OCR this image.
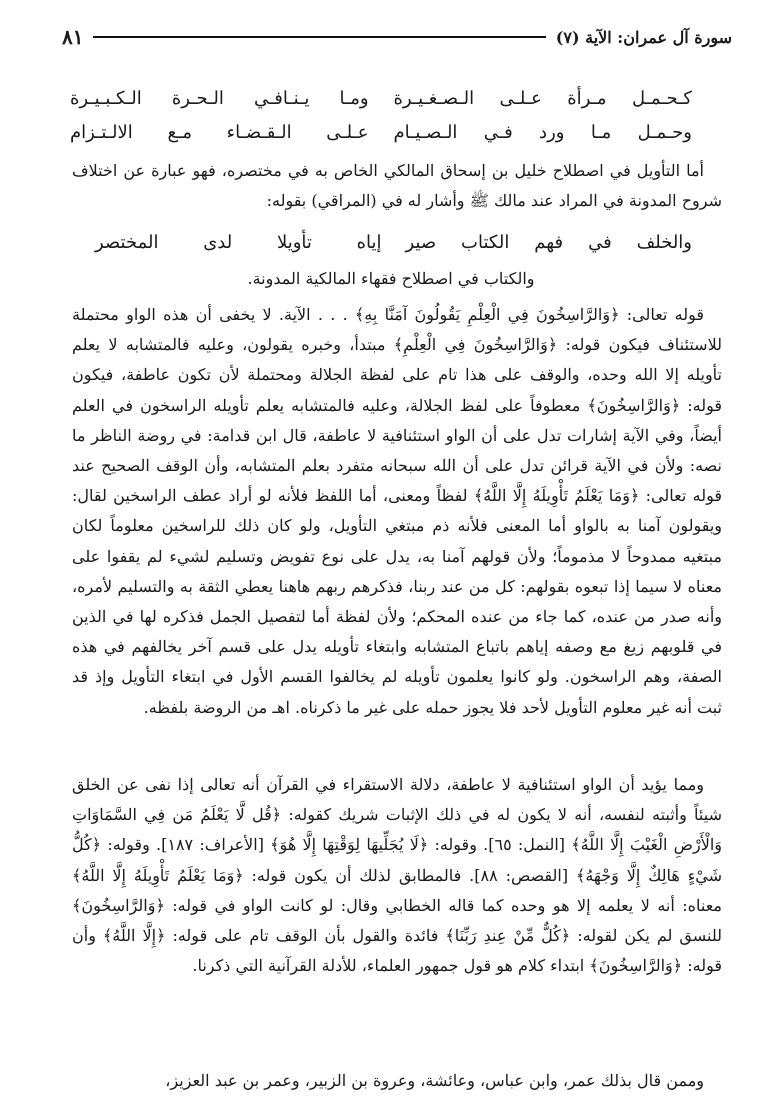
سورة آل عمران: الآية (٧)
٨١
كـحـمـل مـرأة عـلـى الـصـغـيـرة
ومـا يـنـافـي الـحـرة الـكـبـيـرة
وحـمـل مـا ورد فـي الـصـيـام
عـلـى الـقـضـاء مـع الالـتـزام

أما التأويل في اصطلاح خليل بن إسحاق المالكي الخاص به في مختصره، فهو عبارة عن اختلاف شروح المدونة في المراد عند مالك ﷺ وأشار له في (المراقي) بقوله:

والخلف في فهم الكتاب صير
إياه تأويلا لدى المختصر
والكتاب في اصطلاح فقهاء المالكية المدونة.

قوله تعالى: ﴿وَالرَّاسِخُونَ فِي الْعِلْمِ يَقُولُونَ آمَنَّا بِهِ﴾ . . . الآية. لا يخفى أن هذه الواو محتملة للاستئناف فيكون قوله: ﴿وَالرَّاسِخُونَ فِي الْعِلْمِ﴾ مبتدأ، وخبره يقولون، وعليه فالمتشابه لا يعلم تأويله إلا الله وحده، والوقف على هذا تام على لفظة الجلالة ومحتملة لأن تكون عاطفة، فيكون قوله: ﴿وَالرَّاسِخُونَ﴾ معطوفاً على لفظ الجلالة، وعليه فالمتشابه يعلم تأويله الراسخون في العلم أيضاً، وفي الآية إشارات تدل على أن الواو استئنافية لا عاطفة، قال ابن قدامة: في روضة الناظر ما نصه: ولأن في الآية قرائن تدل على أن الله سبحانه متفرد بعلم المتشابه، وأن الوقف الصحيح عند قوله تعالى: ﴿وَمَا يَعْلَمُ تَأْوِيلَهُ إِلَّا اللَّهُ﴾ لفظاً ومعنى، أما اللفظ فلأنه لو أراد عطف الراسخين لقال: ويقولون آمنا به بالواو أما المعنى فلأنه ذم مبتغي التأويل، ولو كان ذلك للراسخين معلوماً لكان مبتغيه ممدوحاً لا مذموماً؛ ولأن قولهم آمنا به، يدل على نوع تفويض وتسليم لشيء لم يقفوا على معناه لا سيما إذا تبعوه بقولهم: كل من عند ربنا، فذكرهم ربهم هاهنا يعطي الثقة به والتسليم لأمره، وأنه صدر من عنده، كما جاء من عنده المحكم؛ ولأن لفظة أما لتفصيل الجمل فذكره لها في الذين في قلوبهم زيغ مع وصفه إياهم باتباع المتشابه وابتغاء تأويله يدل على قسم آخر يخالفهم في هذه الصفة، وهم الراسخون. ولو كانوا يعلمون تأويله لم يخالفوا القسم الأول في ابتغاء التأويل وإذ قد ثبت أنه غير معلوم التأويل لأحد فلا يجوز حمله على غير ما ذكرناه. اهـ من الروضة بلفظه.

ومما يؤيد أن الواو استئنافية لا عاطفة، دلالة الاستقراء في القرآن أنه تعالى إذا نفى عن الخلق شيئاً وأثبته لنفسه، أنه لا يكون له في ذلك الإثبات شريك كقوله: ﴿قُل لَّا يَعْلَمُ مَن فِي السَّمَاوَاتِ وَالْأَرْضِ الْغَيْبَ إِلَّا اللَّهُ﴾ [النمل: ٦٥]. وقوله: ﴿لَا يُجَلِّيهَا لِوَقْتِهَا إِلَّا هُوَ﴾ [الأعراف: ١٨٧]. وقوله: ﴿كُلُّ شَيْءٍ هَالِكٌ إِلَّا وَجْهَهُ﴾ [القصص: ٨٨]. فالمطابق لذلك أن يكون قوله: ﴿وَمَا يَعْلَمُ تَأْوِيلَهُ إِلَّا اللَّهُ﴾ معناه: أنه لا يعلمه إلا هو وحده كما قاله الخطابي وقال: لو كانت الواو في قوله: ﴿وَالرَّاسِخُونَ﴾ للنسق لم يكن لقوله: ﴿كُلٌّ مِّنْ عِندِ رَبِّنَا﴾ فائدة والقول بأن الوقف تام على قوله: ﴿إِلَّا اللَّهُ﴾ وأن قوله: ﴿وَالرَّاسِخُونَ﴾ ابتداء كلام هو قول جمهور العلماء، للأدلة القرآنية التي ذكرنا.

وممن قال بذلك عمر، وابن عباس، وعائشة، وعروة بن الزبير، وعمر بن عبد العزيز،
